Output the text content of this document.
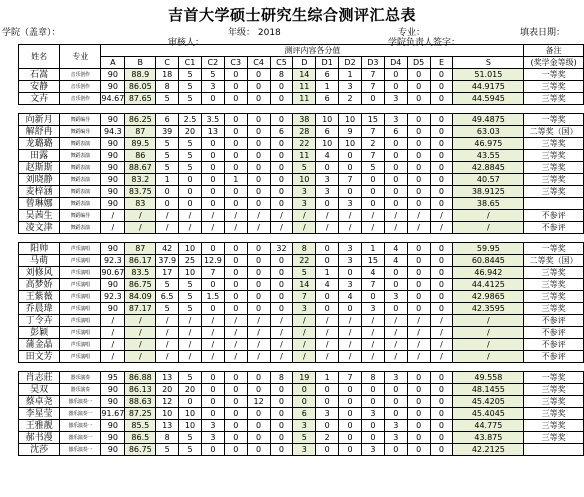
吉首大学硕士研究生综合测评汇总表
学院（盖章）：	年级： 2018	专业：	填表日期：
审核人：	学院负责人签字：
姓名	专业	测评内容各分值																备注
		A	B	C	C1	C2	C3	C4	C5	D	D1	D2	D3	D4	D5	E	S	(奖学金等级)
石嵩	音乐创作	90	88.9	18	5	5	0	0	8	14	6	1	7	0	0	0	51.015	一等奖
安静	音乐创作	90	86.05	8	5	3	0	0	0	11	1	3	7	0	0	0	44.9175	三等奖
文卉	音乐创作	94.67	87.65	5	5	0	0	0	0	11	6	2	0	3	0	0	44.5945	三等奖

向新月	舞蹈编导	90	86.25	6	2.5	3.5	0	0	0	38	10	10	15	3	0	0	49.4875	一等奖
解舒冉	舞蹈编导	94.3	87	39	20	13	0	0	6	28	6	9	7	6	0	0	63.03	二等奖（国）
龙璐璐	舞蹈表演	90	89.5	5	5	0	0	0	0	22	10	10	2	0	0	0	46.975	三等奖
田露	舞蹈表演	90	86	5	5	0	0	0	0	11	4	0	7	0	0	0	43.55	三等奖
赵斯斯	舞蹈表演	90	88.67	5	5	0	0	0	0	5	0	0	5	0	0	0	42.8845	三等奖
刘晓静	舞蹈表演	90	83.2	1	0	0	1	0	0	10	3	7	0	0	0	0	40.57	三等奖
麦梓涵	舞蹈表演	90	83.75	0	0	0	0	0	0	3	3	0	0	0	0	0	38.9125	三等奖
曾琳娜	舞蹈表演	90	83	0	0	0	0	0	0	3	0	3	0	0	0	0	38.65	
吴茜生	舞蹈编导	/	/	/	/	/	/	/	/	/	/	/	/	/	/	/	/	不参评
凌文津	舞蹈表演	/	/	/	/	/	/	/	/	/	/	/	/	/	/	/	/	不参评

阳帅	声乐演唱	90	87	42	10	0	0	0	32	8	0	3	1	4	0	0	59.95	一等奖
马萌	声乐演唱	92.3	86.17	37.9	25	12.9	0	0	0	22	0	3	15	4	0	0	60.8445	二等奖（国）
刘修风	声乐演唱	90.67	83.5	17	10	7	0	0	0	5	1	0	4	0	0	0	46.942	三等奖
高梦娇	声乐演唱	90	86.75	5	5	0	0	0	0	14	4	3	7	0	0	0	44.4125	三等奖
王紫薇	声乐演唱	92.3	84.09	6.5	5	1.5	0	0	0	7	0	4	0	3	0	0	42.9865	三等奖
乔晨瑋	声乐演唱	90	87.17	5	5	0	0	0	0	3	0	0	3	0	0	0	42.3595	三等奖
丁令卉	声乐演唱	/	/	/	/	/	/	/	/	/	/	/	/	/	/	/	/	不参评
彭颖	声乐演唱	/	/	/	/	/	/	/	/	/	/	/	/	/	/	/	/	不参评
蒲金晶	声乐演唱	/	/	/	/	/	/	/	/	/	/	/	/	/	/	/	/	不参评
田文芳	声乐演唱	/	/	/	/	/	/	/	/	/	/	/	/	/	/	/	/	不参评

肖志莊	器乐演奏	95	86.88	13	5	0	0	0	8	19	1	7	8	3	0	0	49.558	一等奖
吴双	器乐演奏	90	86.13	20	20	0	0	0	0	0	0	0	0	0	0	0	48.1455	三等奖
蔡卓尧	器乐演奏一	90	88.63	12	0	0	0	12	0	0	0	0	0	0	0	0	45.4205	三等奖
李星莹	器乐演奏一	91.67	87.25	10	10	0	0	0	0	6	3	0	3	0	0	0	45.4045	三等奖
王雅靓	器乐演奏一	90	85.5	13	10	3	0	0	0	3	0	0	0	3	0	0	44.775	三等奖
郝书漫	器乐演奏一	90	86.5	8	5	3	0	0	0	5	2	0	0	3	0	0	43.875	三等奖
沈莎	器乐演奏一	90	86.75	5	5	0	0	0	0	3	0	0	3	0	0	0	42.2125	
